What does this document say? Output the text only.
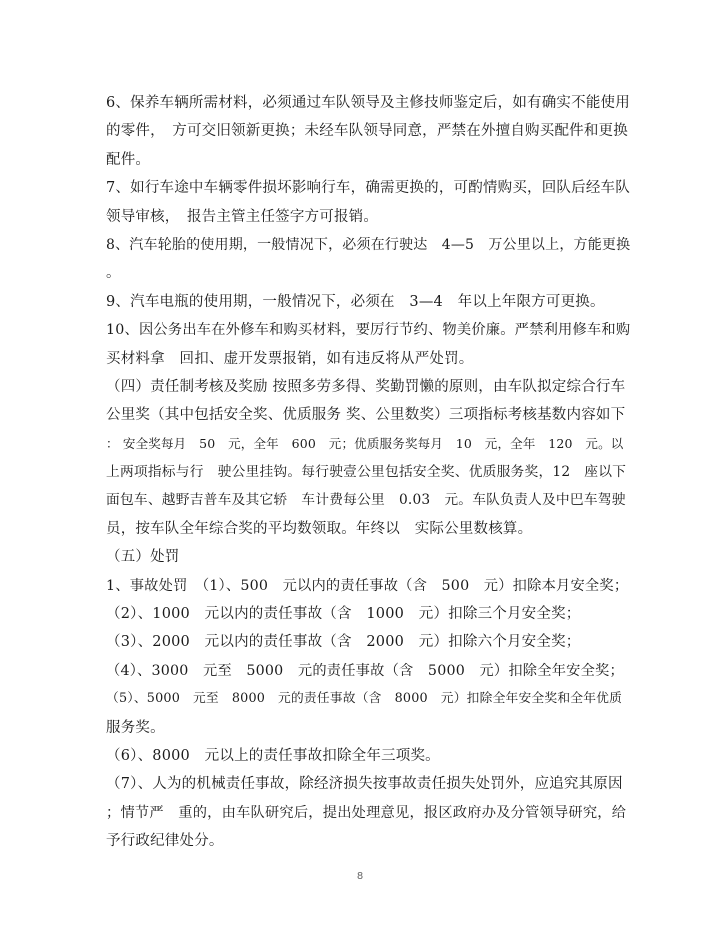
6、保养车辆所需材料，必须通过车队领导及主修技师鉴定后，如有确实不能使用
的零件，　方可交旧领新更换；未经车队领导同意，严禁在外擅自购买配件和更换
配件。
7、如行车途中车辆零件损坏影响行车，确需更换的，可酌情购买，回队后经车队
领导审核，　报告主管主任签字方可报销。
8、汽车轮胎的使用期，一般情况下，必须在行驶达　4—5　万公里以上，方能更换
。
9、汽车电瓶的使用期，一般情况下，必须在　3—4　年以上年限方可更换。
10、因公务出车在外修车和购买材料，要厉行节约、物美价廉。严禁利用修车和购
买材料拿　回扣、虚开发票报销，如有违反将从严处罚。
（四）责任制考核及奖励 按照多劳多得、奖勤罚懒的原则，由车队拟定综合行车
公里奖（其中包括安全奖、优质服务 奖、公里数奖）三项指标考核基数内容如下
： 安全奖每月　50　元，全年　600　元；优质服务奖每月　10　元，全年　120　元。以
上两项指标与行　驶公里挂钩。每行驶壹公里包括安全奖、优质服务奖，12　座以下
面包车、越野吉普车及其它轿　车计费每公里　0.03　元。车队负责人及中巴车驾驶
员，按车队全年综合奖的平均数领取。年终以　实际公里数核算。
（五）处罚
1、事故处罚　（1）、500　元以内的责任事故（含　500　元）扣除本月安全奖；
（2）、1000　元以内的责任事故（含　1000　元）扣除三个月安全奖；
（3）、2000　元以内的责任事故（含　2000　元）扣除六个月安全奖；
（4）、3000　元至　5000　元的责任事故（含　5000　元）扣除全年安全奖；
（5）、5000　元至　8000　元的责任事故（含　8000　元）扣除全年安全奖和全年优质
服务奖。
（6）、8000　元以上的责任事故扣除全年三项奖。
（7）、人为的机械责任事故，除经济损失按事故责任损失处罚外，应追究其原因
；情节严　重的，由车队研究后，提出处理意见，报区政府办及分管领导研究，给
予行政纪律处分。
8
